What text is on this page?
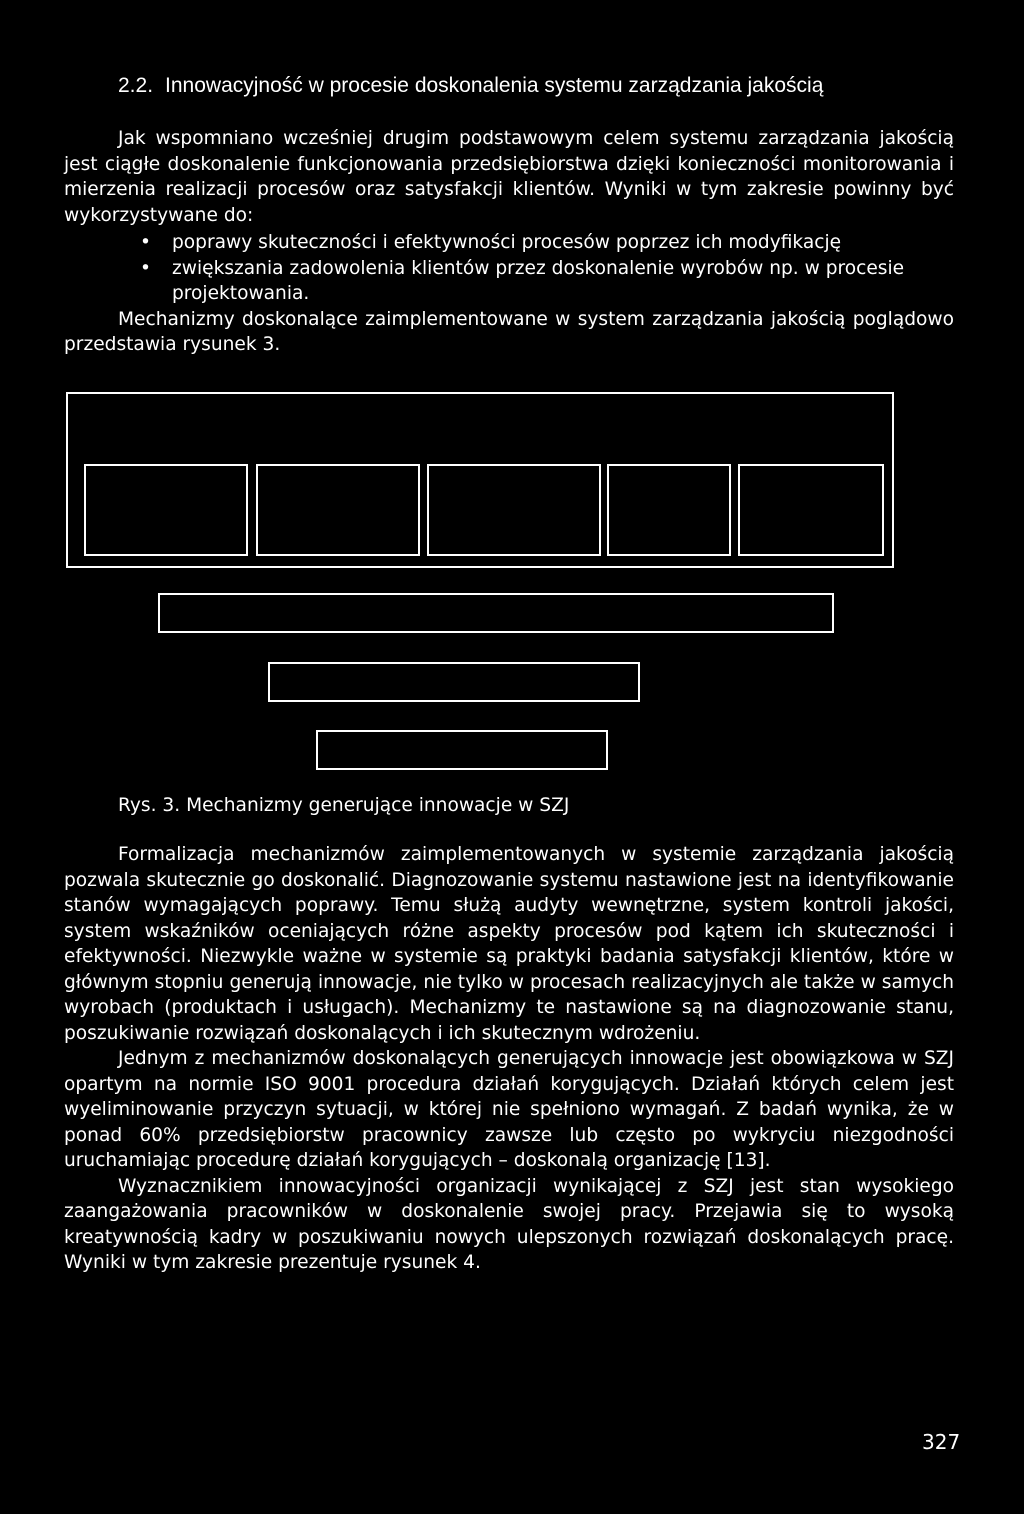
2.2. Innowacyjność w procesie doskonalenia systemu zarządzania jakością

Jak wspomniano wcześniej drugim podstawowym celem systemu zarządzania jakością jest ciągłe doskonalenie funkcjonowania przedsiębiorstwa dzięki konieczności monitorowania i mierzenia realizacji procesów oraz satysfakcji klientów. Wyniki w tym zakresie powinny być wykorzystywane do:

• poprawy skuteczności i efektywności procesów poprzez ich modyfikację
• zwiększania zadowolenia klientów przez doskonalenie wyrobów np. w procesie projektowania.

Mechanizmy doskonalące zaimplementowane w system zarządzania jakością poglądowo przedstawia rysunek 3.

Rys. 3. Mechanizmy generujące innowacje w SZJ

Formalizacja mechanizmów zaimplementowanych w systemie zarządzania jakością pozwala skutecznie go doskonalić. Diagnozowanie systemu nastawione jest na identyfikowanie stanów wymagających poprawy. Temu służą audyty wewnętrzne, system kontroli jakości, system wskaźników oceniających różne aspekty procesów pod kątem ich skuteczności i efektywności. Niezwykle ważne w systemie są praktyki badania satysfakcji klientów, które w głównym stopniu generują innowacje, nie tylko w procesach realizacyjnych ale także w samych wyrobach (produktach i usługach). Mechanizmy te nastawione są na diagnozowanie stanu, poszukiwanie rozwiązań doskonalących i ich skutecznym wdrożeniu.

Jednym z mechanizmów doskonalących generujących innowacje jest obowiązkowa w SZJ opartym na normie ISO 9001 procedura działań korygujących. Działań których celem jest wyeliminowanie przyczyn sytuacji, w której nie spełniono wymagań. Z badań wynika, że w ponad 60% przedsiębiorstw pracownicy zawsze lub często po wykryciu niezgodności uruchamiając procedurę działań korygujących – doskonalą organizację [13].

Wyznacznikiem innowacyjności organizacji wynikającej z SZJ jest stan wysokiego zaangażowania pracowników w doskonalenie swojej pracy. Przejawia się to wysoką kreatywnością kadry w poszukiwaniu nowych ulepszonych rozwiązań doskonalących pracę. Wyniki w tym zakresie prezentuje rysunek 4.

327
